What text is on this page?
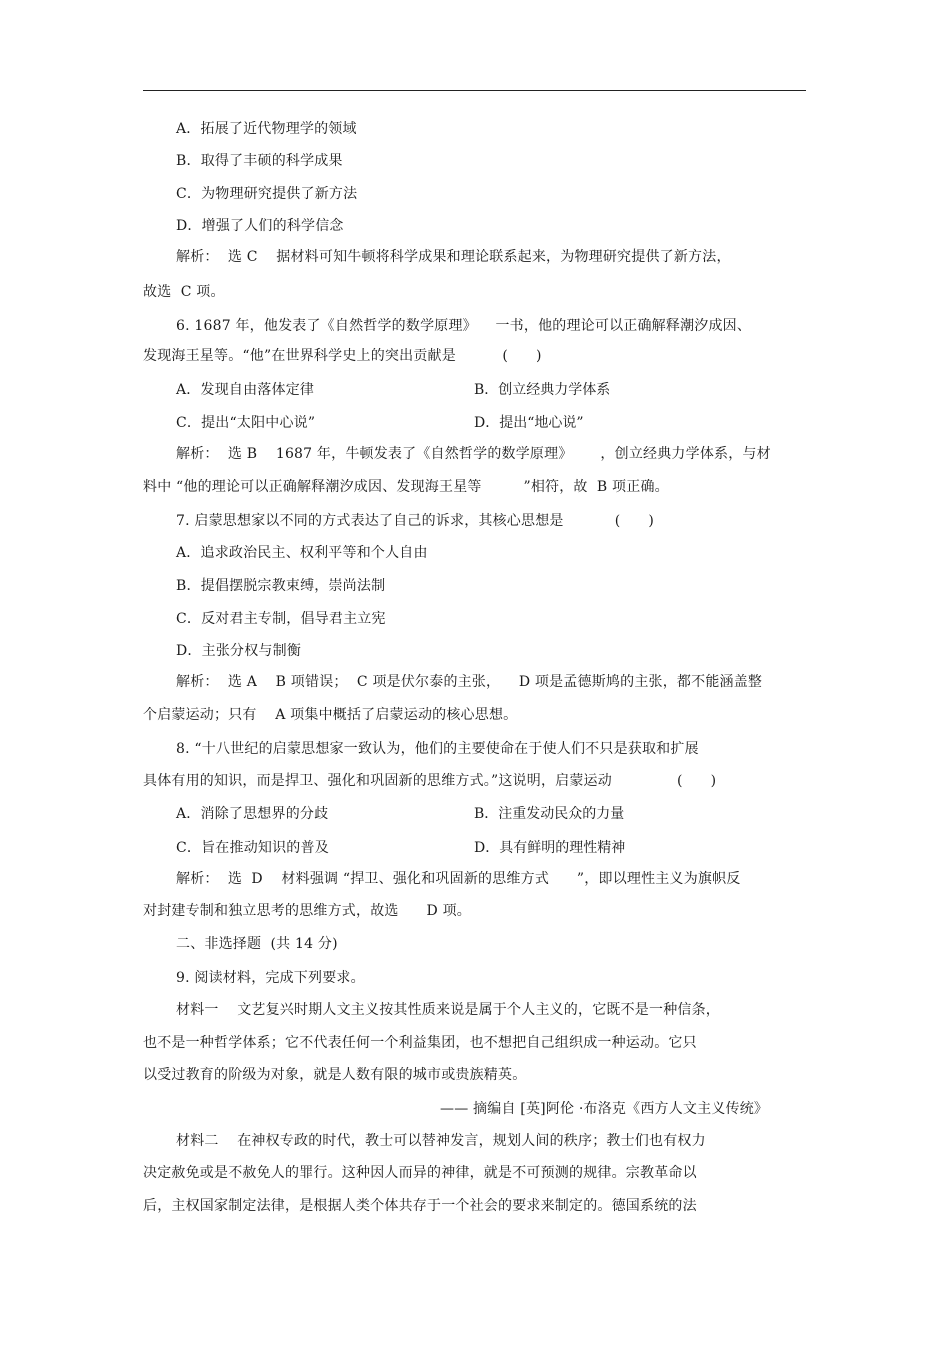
A．拓展了近代物理学的领域
B．取得了丰硕的科学成果
C．为物理研究提供了新方法
D．增强了人们的科学信念
解析：  选 C    据材料可知牛顿将科学成果和理论联系起来，为物理研究提供了新方法，
故选  C 项。
6. 1687 年，他发表了《自然哲学的数学原理》    一书，他的理论可以正确解释潮汐成因、
发现海王星等。“他”在世界科学史上的突出贡献是          (      )
A．发现自由落体定律	B．创立经典力学体系
C．提出“太阳中心说”	D．提出“地心说”
解析：  选 B    1687 年，牛顿发表了《自然哲学的数学原理》      ，创立经典力学体系，与材
料中 “他的理论可以正确解释潮汐成因、发现海王星等         ”相符，故  B 项正确。
7. 启蒙思想家以不同的方式表达了自己的诉求，其核心思想是           (      )
A．追求政治民主、权利平等和个人自由
B．提倡摆脱宗教束缚，崇尚法制
C．反对君主专制，倡导君主立宪
D．主张分权与制衡
解析：  选 A    B 项错误；  C 项是伏尔泰的主张，    D 项是孟德斯鸠的主张，都不能涵盖整
个启蒙运动；只有    A 项集中概括了启蒙运动的核心思想。
8. “十八世纪的启蒙思想家一致认为，他们的主要使命在于使人们不只是获取和扩展
具体有用的知识，而是捍卫、强化和巩固新的思维方式。”这说明，启蒙运动              (      )
A．消除了思想界的分歧	B．注重发动民众的力量
C．旨在推动知识的普及	D．具有鲜明的理性精神
解析：  选  D    材料强调 “捍卫、强化和巩固新的思维方式      ”，即以理性主义为旗帜反
对封建专制和独立思考的思维方式，故选      D 项。
二、非选择题  (共 14 分)
9. 阅读材料，完成下列要求。
材料一    文艺复兴时期人文主义按其性质来说是属于个人主义的，它既不是一种信条，
也不是一种哲学体系；它不代表任何一个利益集团，也不想把自己组织成一种运动。它只
以受过教育的阶级为对象，就是人数有限的城市或贵族精英。
—— 摘编自 [英]阿伦 ·布洛克《西方人文主义传统》
材料二    在神权专政的时代，教士可以替神发言，规划人间的秩序；教士们也有权力
决定赦免或是不赦免人的罪行。这种因人而异的神律，就是不可预测的规律。宗教革命以
后，主权国家制定法律，是根据人类个体共存于一个社会的要求来制定的。德国系统的法
